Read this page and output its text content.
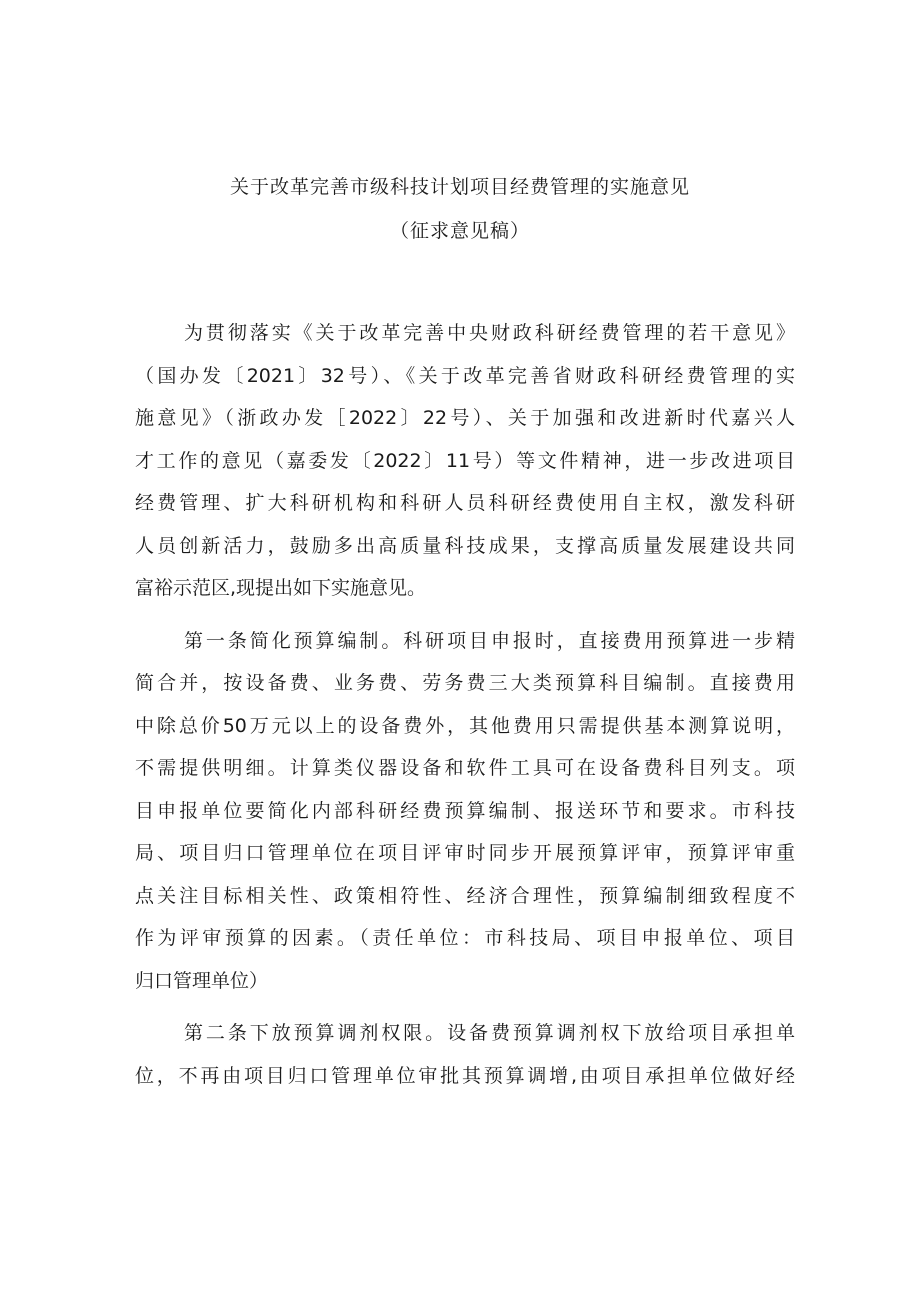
关于改革完善市级科技计划项目经费管理的实施意见
（征求意见稿）
为贯彻落实《关于改革完善中央财政科研经费管理的若干意见》
（国办发〔2021〕32号）、《关于改革完善省财政科研经费管理的实
施意见》（浙政办发［2022〕22号）、关于加强和改进新时代嘉兴人
才工作的意见（嘉委发〔2022〕11号）等文件精神，进一步改进项目
经费管理、扩大科研机构和科研人员科研经费使用自主权，激发科研
人员创新活力，鼓励多出高质量科技成果，支撑高质量发展建设共同
富裕示范区,现提出如下实施意见。
第一条简化预算编制。科研项目申报时，直接费用预算进一步精
简合并，按设备费、业务费、劳务费三大类预算科目编制。直接费用
中除总价50万元以上的设备费外，其他费用只需提供基本测算说明，
不需提供明细。计算类仪器设备和软件工具可在设备费科目列支。项
目申报单位要简化内部科研经费预算编制、报送环节和要求。市科技
局、项目归口管理单位在项目评审时同步开展预算评审，预算评审重
点关注目标相关性、政策相符性、经济合理性，预算编制细致程度不
作为评审预算的因素。（责任单位：市科技局、项目申报单位、项目
归口管理单位）
第二条下放预算调剂权限。设备费预算调剂权下放给项目承担单
位，不再由项目归口管理单位审批其预算调增,由项目承担单位做好经
